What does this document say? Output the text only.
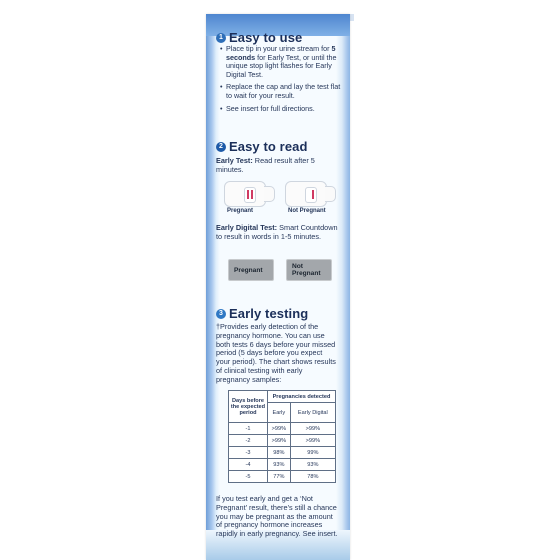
1 Easy to use
• Place tip in your urine stream for 5 seconds for Early Test, or until the unique stop light flashes for Early Digital Test.
• Replace the cap and lay the test flat to wait for your result.
• See insert for full directions.
2 Easy to read
Early Test: Read result after 5 minutes.
Pregnant	Not Pregnant
Early Digital Test: Smart Countdown to result in words in 1-5 minutes.
Pregnant	Not Pregnant
3 Early testing
†Provides early detection of the pregnancy hormone. You can use both tests 6 days before your missed period (5 days before you expect your period). The chart shows results of clinical testing with early pregnancy samples:
Days before the expected period	Pregnancies detected	
	Early	Early Digital
-1	>99%	>99%
-2	>99%	>99%
-3	98%	99%
-4	93%	93%
-5	77%	78%
If you test early and get a ‘Not Pregnant’ result, there’s still a chance you may be pregnant as the amount of pregnancy hormone increases rapidly in early pregnancy. See insert.
